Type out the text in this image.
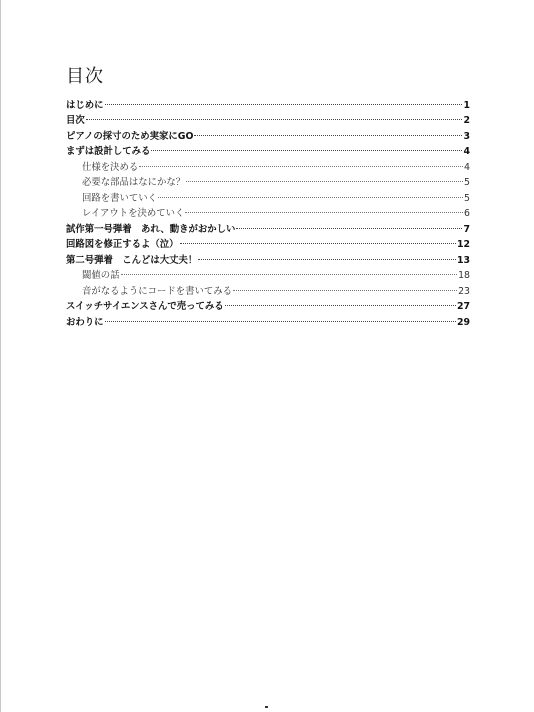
目次
はじめに	1
目次	2
ピアノの採寸のため実家にGO	3
まずは設計してみる	4
仕様を決める	4
必要な部品はなにかな？	5
回路を書いていく	5
レイアウトを決めていく	6
試作第一号弾着　あれ、動きがおかしい	7
回路図を修正するよ（泣）	12
第二号弾着　こんどは大丈夫！	13
閾値の話	18
音がなるようにコードを書いてみる	23
スイッチサイエンスさんで売ってみる	27
おわりに	29
